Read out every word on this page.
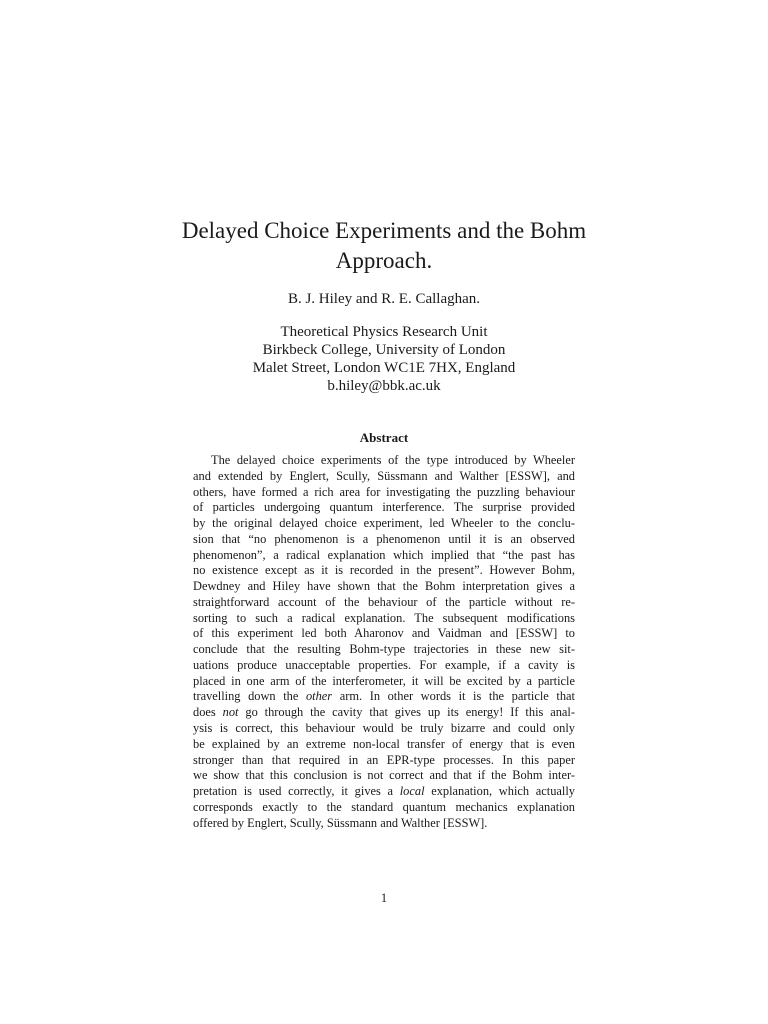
Delayed Choice Experiments and the Bohm
Approach.
B. J. Hiley and R. E. Callaghan.
Theoretical Physics Research Unit
Birkbeck College, University of London
Malet Street, London WC1E 7HX, England
b.hiley@bbk.ac.uk
Abstract
The delayed choice experiments of the type introduced by Wheeler
and extended by Englert, Scully, Süssmann and Walther [ESSW], and
others, have formed a rich area for investigating the puzzling behaviour
of particles undergoing quantum interference. The surprise provided
by the original delayed choice experiment, led Wheeler to the conclu-
sion that “no phenomenon is a phenomenon until it is an observed
phenomenon”, a radical explanation which implied that “the past has
no existence except as it is recorded in the present”. However Bohm,
Dewdney and Hiley have shown that the Bohm interpretation gives a
straightforward account of the behaviour of the particle without re-
sorting to such a radical explanation. The subsequent modifications
of this experiment led both Aharonov and Vaidman and [ESSW] to
conclude that the resulting Bohm-type trajectories in these new sit-
uations produce unacceptable properties. For example, if a cavity is
placed in one arm of the interferometer, it will be excited by a particle
travelling down the other arm. In other words it is the particle that
does not go through the cavity that gives up its energy! If this anal-
ysis is correct, this behaviour would be truly bizarre and could only
be explained by an extreme non-local transfer of energy that is even
stronger than that required in an EPR-type processes. In this paper
we show that this conclusion is not correct and that if the Bohm inter-
pretation is used correctly, it gives a local explanation, which actually
corresponds exactly to the standard quantum mechanics explanation
offered by Englert, Scully, Süssmann and Walther [ESSW].
1
